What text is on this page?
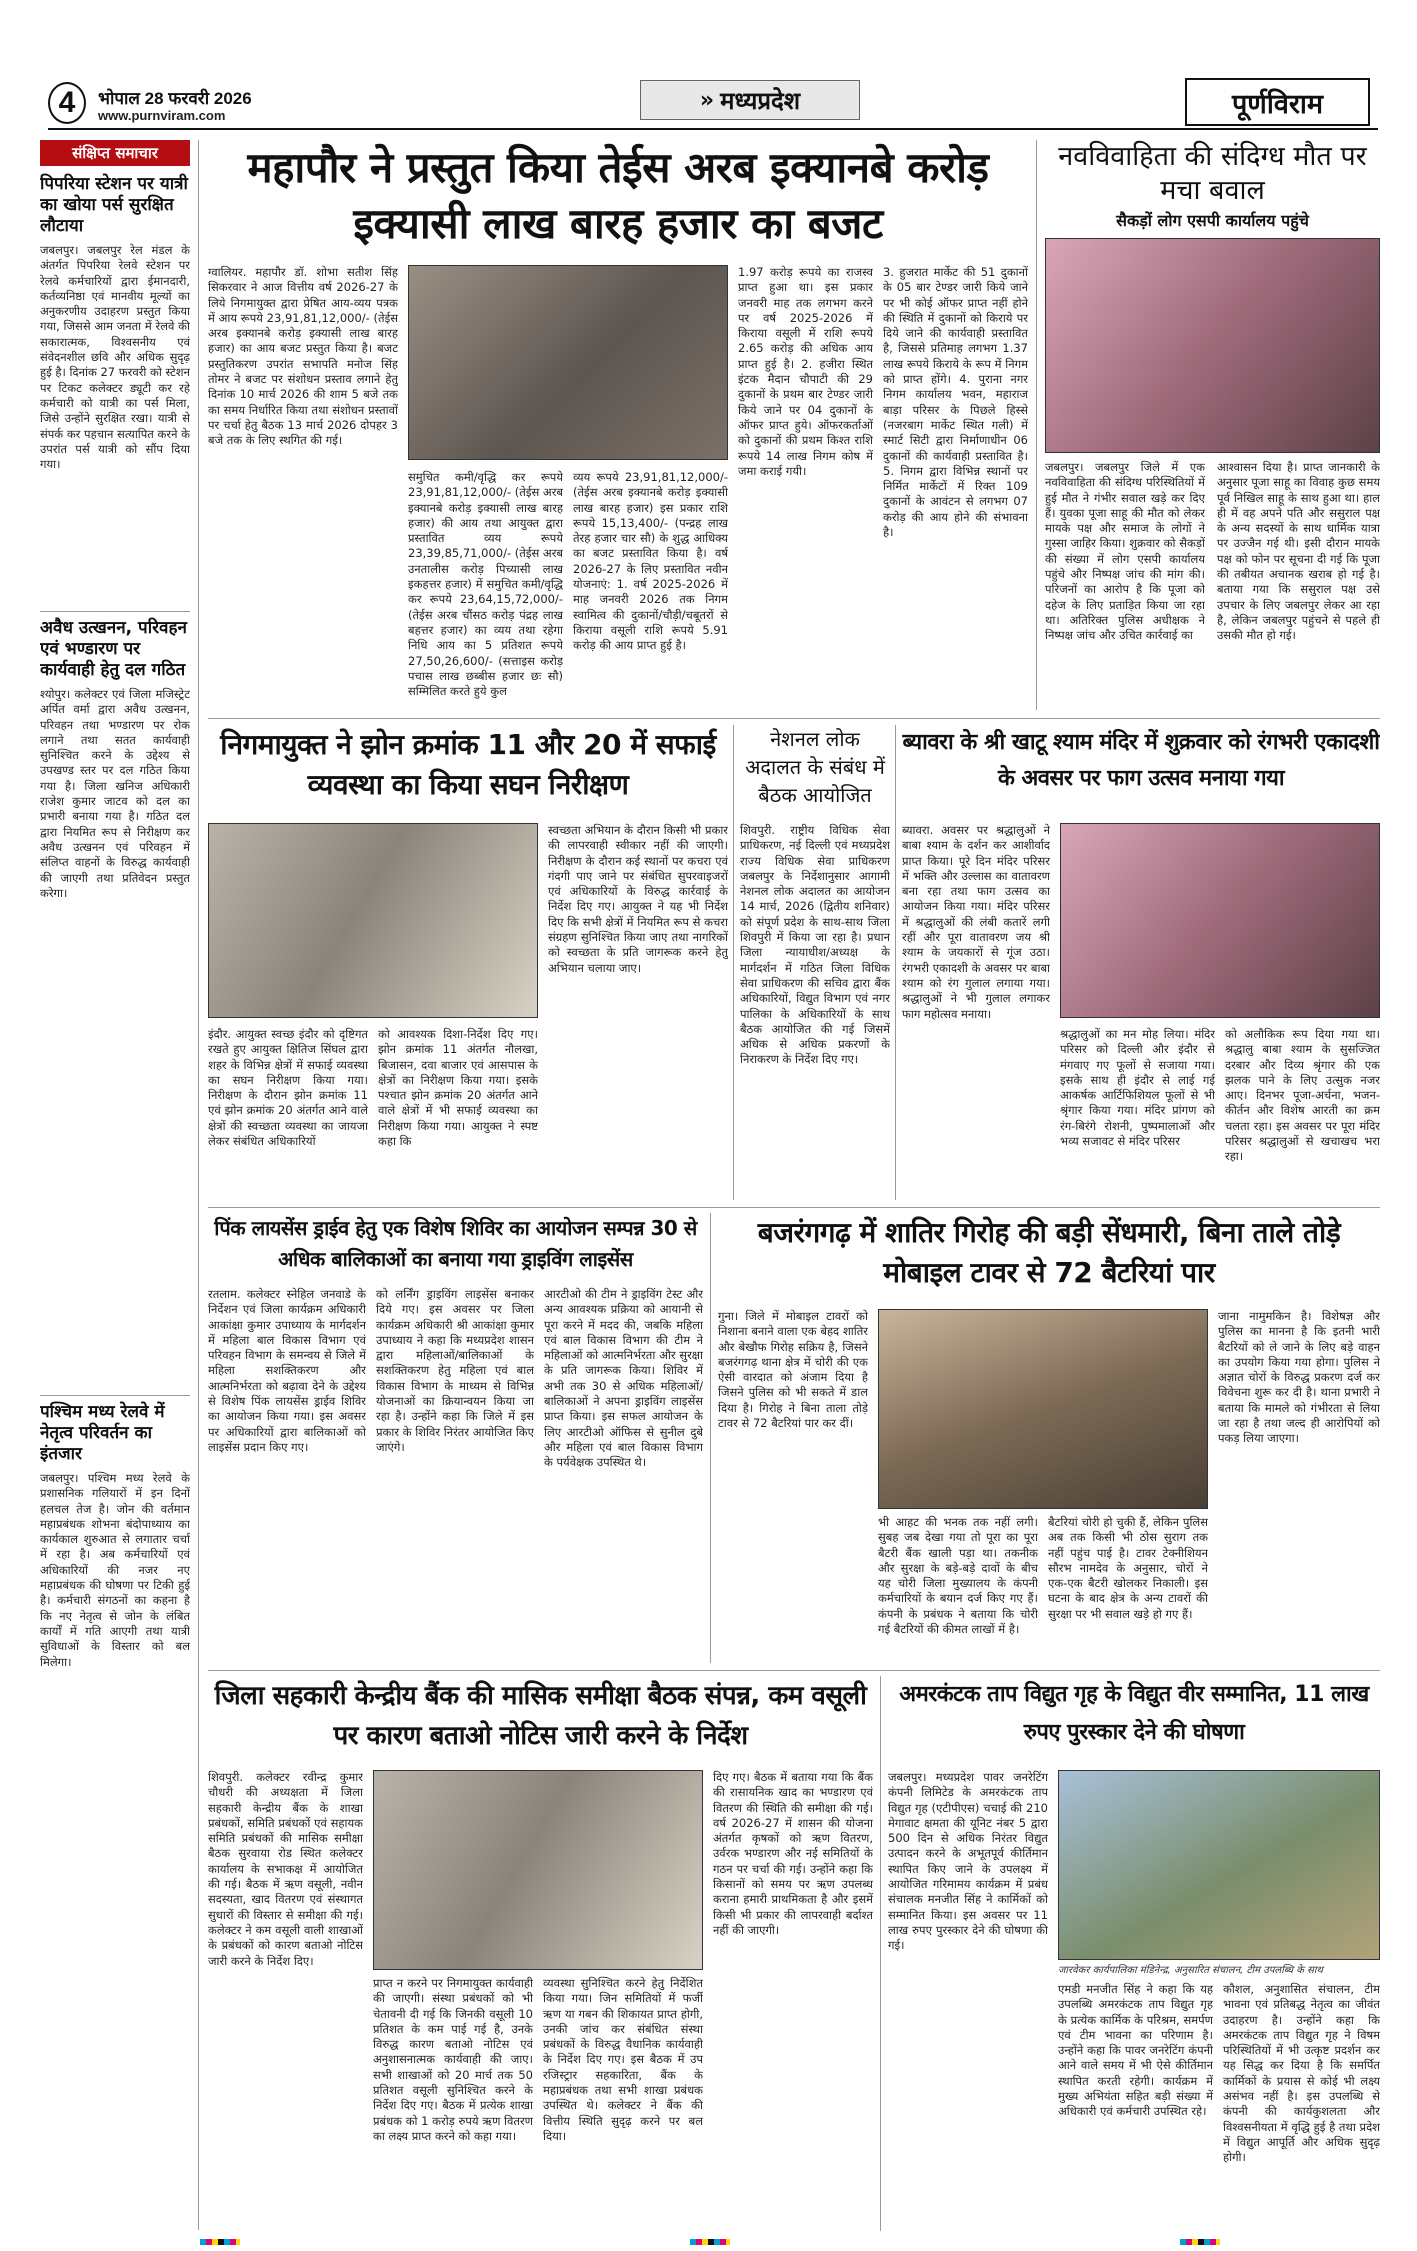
4	भोपाल 28 फरवरी 2026
www.purnviram.com
» मध्यप्रदेश	पूर्णविराम
संक्षिप्त समाचार
पिपरिया स्टेशन पर यात्री का खोया पर्स सुरक्षित लौटाया
जबलपुर। जबलपुर रेल मंडल के अंतर्गत पिपरिया रेलवे स्टेशन पर रेलवे कर्मचारियों द्वारा ईमानदारी, कर्तव्यनिष्ठा एवं मानवीय मूल्यों का अनुकरणीय उदाहरण प्रस्तुत किया गया, जिससे आम जनता में रेलवे की सकारात्मक, विश्वसनीय एवं संवेदनशील छवि और अधिक सुदृढ़ हुई है। दिनांक 27 फरवरी को स्टेशन पर टिकट कलेक्टर ड्यूटी कर रहे कर्मचारी को यात्री का पर्स मिला, जिसे उन्होंने सुरक्षित रखा। यात्री से संपर्क कर पहचान सत्यापित करने के उपरांत पर्स यात्री को सौंप दिया गया।
अवैध उत्खनन, परिवहन एवं भण्डारण पर कार्यवाही हेतु दल गठित
श्योपुर। कलेक्टर एवं जिला मजिस्ट्रेट अर्पित वर्मा द्वारा अवैध उत्खनन, परिवहन तथा भण्डारण पर रोक लगाने तथा सतत कार्यवाही सुनिश्चित करने के उद्देश्य से उपखण्ड स्तर पर दल गठित किया गया है। जिला खनिज अधिकारी राजेश कुमार जाटव को दल का प्रभारी बनाया गया है। गठित दल द्वारा नियमित रूप से निरीक्षण कर अवैध उत्खनन एवं परिवहन में संलिप्त वाहनों के विरुद्ध कार्यवाही की जाएगी तथा प्रतिवेदन प्रस्तुत करेगा।
पश्चिम मध्य रेलवे में नेतृत्व परिवर्तन का इंतजार
जबलपुर। पश्चिम मध्य रेलवे के प्रशासनिक गलियारों में इन दिनों हलचल तेज है। जोन की वर्तमान महाप्रबंधक शोभना बंदोपाध्याय का कार्यकाल शुरुआत से लगातार चर्चा में रहा है। अब कर्मचारियों एवं अधिकारियों की नजर नए महाप्रबंधक की घोषणा पर टिकी हुई है। कर्मचारी संगठनों का कहना है कि नए नेतृत्व से जोन के लंबित कार्यों में गति आएगी तथा यात्री सुविधाओं के विस्तार को बल मिलेगा।
महापौर ने प्रस्तुत किया तेईस अरब इक्यानबे करोड़ इक्यासी लाख बारह हजार का बजट
ग्वालियर. महापौर डॉ. शोभा सतीश सिंह सिकरवार ने आज वित्तीय वर्ष 2026-27 के लिये निगमायुक्त द्वारा प्रेषित आय-व्यय पत्रक में आय रूपये 23,91,81,12,000/- (तेईस अरब इक्यानबे करोड़ इक्यासी लाख बारह हजार) का आय बजट प्रस्तुत किया है। बजट प्रस्तुतिकरण उपरांत सभापति मनोज सिंह तोमर ने बजट पर संशोधन प्रस्ताव लगाने हेतु दिनांक 10 मार्च 2026 की शाम 5 बजे तक का समय निर्धारित किया तथा संशोधन प्रस्तावों पर चर्चा हेतु बैठक 13 मार्च 2026 दोपहर 3 बजे तक के लिए स्थगित की गई।
समुचित कमी/वृद्धि कर रूपये 23,91,81,12,000/- (तेईस अरब इक्यानबे करोड़ इक्यासी लाख बारह हजार) की आय तथा आयुक्त द्वारा प्रस्तावित व्यय रूपये 23,39,85,71,000/- (तेईस अरब उनतालीस करोड़ पिच्यासी लाख इकहत्तर हजार) में समुचित कमी/वृद्धि कर रूपये 23,64,15,72,000/- (तेईस अरब चौंसठ करोड़ पंद्रह लाख बहत्तर हजार) का व्यय तथा रहेगा निधि आय का 5 प्रतिशत रूपये 27,50,26,600/- (सत्ताइस करोड़ पचास लाख छब्बीस हजार छः सौ) सम्मिलित करते हुये कुल
व्यय रूपये 23,91,81,12,000/- (तेईस अरब इक्यानबे करोड़ इक्यासी लाख बारह हजार) इस प्रकार राशि रूपये 15,13,400/- (पन्द्रह लाख तेरह हजार चार सौ) के शुद्ध आधिक्य का बजट प्रस्तावित किया है। वर्ष 2026-27 के लिए प्रस्तावित नवीन योजनाएं: 1. वर्ष 2025-2026 में माह जनवरी 2026 तक निगम स्वामित्व की दुकानों/चौड़ी/चबूतरों से किराया वसूली राशि रूपये 5.91 करोड़ की आय प्राप्त हुई है।
1.97 करोड़ रूपये का राजस्व प्राप्त हुआ था। इस प्रकार जनवरी माह तक लगभग करने पर वर्ष 2025-2026 में किराया वसूली में राशि रूपये 2.65 करोड़ की अधिक आय प्राप्त हुई है। 2. हजीरा स्थित इंटक मैदान चौपाटी की 29 दुकानों के प्रथम बार टेण्डर जारी किये जाने पर 04 दुकानों के ऑफर प्राप्त हुये। ऑफरकर्ताओं को दुकानों की प्रथम किश्त राशि रूपये 14 लाख निगम कोष में जमा कराई गयी।
3. हुजरात मार्केट की 51 दुकानों के 05 बार टेण्डर जारी किये जाने पर भी कोई ऑफर प्राप्त नहीं होने की स्थिति में दुकानों को किराये पर दिये जाने की कार्यवाही प्रस्तावित है, जिससे प्रतिमाह लगभग 1.37 लाख रूपये किराये के रूप में निगम को प्राप्त होंगे। 4. पुराना नगर निगम कार्यालय भवन, महाराज बाड़ा परिसर के पिछले हिस्से (नजरबाग मार्केट स्थित गली) में स्मार्ट सिटी द्वारा निर्माणाधीन 06 दुकानों की कार्यवाही प्रस्तावित है। 5. निगम द्वारा विभिन्न स्थानों पर निर्मित मार्केटों में रिक्त 109 दुकानों के आवंटन से लगभग 07 करोड़ की आय होने की संभावना है।
नवविवाहिता की संदिग्ध मौत पर मचा बवाल
सैकड़ों लोग एसपी कार्यालय पहुंचे
जबलपुर। जबलपुर जिले में एक नवविवाहिता की संदिग्ध परिस्थितियों में हुई मौत ने गंभीर सवाल खड़े कर दिए हैं। युवका पूजा साहू की मौत को लेकर मायके पक्ष और समाज के लोगों ने गुस्सा जाहिर किया। शुक्रवार को सैकड़ों की संख्या में लोग एसपी कार्यालय पहुंचे और निष्पक्ष जांच की मांग की। परिजनों का आरोप है कि पूजा को दहेज के लिए प्रताड़ित किया जा रहा था। अतिरिक्त पुलिस अधीक्षक ने निष्पक्ष जांच और उचित कार्रवाई का
आश्वासन दिया है। प्राप्त जानकारी के अनुसार पूजा साहू का विवाह कुछ समय पूर्व निखिल साहू के साथ हुआ था। हाल ही में वह अपने पति और ससुराल पक्ष के अन्य सदस्यों के साथ धार्मिक यात्रा पर उज्जैन गई थी। इसी दौरान मायके पक्ष को फोन पर सूचना दी गई कि पूजा की तबीयत अचानक खराब हो गई है। बताया गया कि ससुराल पक्ष उसे उपचार के लिए जबलपुर लेकर आ रहा है, लेकिन जबलपुर पहुंचने से पहले ही उसकी मौत हो गई।
निगमायुक्त ने झोन क्रमांक 11 और 20 में सफाई व्यवस्था का किया सघन निरीक्षण
इंदौर. आयुक्त स्वच्छ इंदौर को दृष्टिगत रखते हुए आयुक्त क्षितिज सिंघल द्वारा शहर के विभिन्न क्षेत्रों में सफाई व्यवस्था का सघन निरीक्षण किया गया। निरीक्षण के दौरान झोन क्रमांक 11 एवं झोन क्रमांक 20 अंतर्गत आने वाले क्षेत्रों की स्वच्छता व्यवस्था का जायजा लेकर संबंधित अधिकारियों
को आवश्यक दिशा-निर्देश दिए गए। झोन क्रमांक 11 अंतर्गत नौलखा, बिजासन, दवा बाजार एवं आसपास के क्षेत्रों का निरीक्षण किया गया। इसके पश्चात झोन क्रमांक 20 अंतर्गत आने वाले क्षेत्रों में भी सफाई व्यवस्था का निरीक्षण किया गया। आयुक्त ने स्पष्ट कहा कि
स्वच्छता अभियान के दौरान किसी भी प्रकार की लापरवाही स्वीकार नहीं की जाएगी। निरीक्षण के दौरान कई स्थानों पर कचरा एवं गंदगी पाए जाने पर संबंधित सुपरवाइजरों एवं अधिकारियों के विरुद्ध कार्रवाई के निर्देश दिए गए। आयुक्त ने यह भी निर्देश दिए कि सभी क्षेत्रों में नियमित रूप से कचरा संग्रहण सुनिश्चित किया जाए तथा नागरिकों को स्वच्छता के प्रति जागरूक करने हेतु अभियान चलाया जाए।
नेशनल लोक अदालत के संबंध में बैठक आयोजित
शिवपुरी. राष्ट्रीय विधिक सेवा प्राधिकरण, नई दिल्ली एवं मध्यप्रदेश राज्य विधिक सेवा प्राधिकरण जबलपुर के निर्देशानुसार आगामी नेशनल लोक अदालत का आयोजन 14 मार्च, 2026 (द्वितीय शनिवार) को संपूर्ण प्रदेश के साथ-साथ जिला शिवपुरी में किया जा रहा है। प्रधान जिला न्यायाधीश/अध्यक्ष के मार्गदर्शन में गठित जिला विधिक सेवा प्राधिकरण की सचिव द्वारा बैंक अधिकारियों, विद्युत विभाग एवं नगर पालिका के अधिकारियों के साथ बैठक आयोजित की गई जिसमें अधिक से अधिक प्रकरणों के निराकरण के निर्देश दिए गए।
ब्यावरा के श्री खाटू श्याम मंदिर में शुक्रवार को रंगभरी एकादशी के अवसर पर फाग उत्सव मनाया गया
ब्यावरा. अवसर पर श्रद्धालुओं ने बाबा श्याम के दर्शन कर आशीर्वाद प्राप्त किया। पूरे दिन मंदिर परिसर में भक्ति और उल्लास का वातावरण बना रहा तथा फाग उत्सव का आयोजन किया गया। मंदिर परिसर में श्रद्धालुओं की लंबी कतारें लगी रहीं और पूरा वातावरण जय श्री श्याम के जयकारों से गूंज उठा। रंगभरी एकादशी के अवसर पर बाबा श्याम को रंग गुलाल लगाया गया। श्रद्धालुओं ने भी गुलाल लगाकर फाग महोत्सव मनाया।
श्रद्धालुओं का मन मोह लिया। मंदिर परिसर को दिल्ली और इंदौर से मंगवाए गए फूलों से सजाया गया। इसके साथ ही इंदौर से लाई गई आकर्षक आर्टिफिशियल फूलों से भी श्रृंगार किया गया। मंदिर प्रांगण को रंग-बिरंगे रोशनी, पुष्पमालाओं और भव्य सजावट से मंदिर परिसर
को अलौकिक रूप दिया गया था। श्रद्धालु बाबा श्याम के सुसज्जित दरबार और दिव्य श्रृंगार की एक झलक पाने के लिए उत्सुक नजर आए। दिनभर पूजा-अर्चना, भजन-कीर्तन और विशेष आरती का क्रम चलता रहा। इस अवसर पर पूरा मंदिर परिसर श्रद्धालुओं से खचाखच भरा रहा।
पिंक लायसेंस ड्राईव हेतु एक विशेष शिविर का आयोजन सम्पन्न 30 से अधिक बालिकाओं का बनाया गया ड्राइविंग लाइसेंस
रतलाम. कलेक्टर स्नेहिल जनवाडे के निर्देशन एवं जिला कार्यक्रम अधिकारी आकांक्षा कुमार उपाध्याय के मार्गदर्शन में महिला बाल विकास विभाग एवं परिवहन विभाग के समन्वय से जिले में महिला सशक्तिकरण और आत्मनिर्भरता को बढ़ावा देने के उद्देश्य से विशेष पिंक लायसेंस ड्राईव शिविर का आयोजन किया गया। इस अवसर पर अधिकारियों द्वारा बालिकाओं को लाइसेंस प्रदान किए गए।
को लर्निंग ड्राइविंग लाइसेंस बनाकर दिये गए। इस अवसर पर जिला कार्यक्रम अधिकारी श्री आकांक्षा कुमार उपाध्याय ने कहा कि मध्यप्रदेश शासन द्वारा महिलाओं/बालिकाओं के सशक्तिकरण हेतु महिला एवं बाल विकास विभाग के माध्यम से विभिन्न योजनाओं का क्रियान्वयन किया जा रहा है। उन्होंने कहा कि जिले में इस प्रकार के शिविर निरंतर आयोजित किए जाएंगे।
आरटीओ की टीम ने ड्राइविंग टेस्ट और अन्य आवश्यक प्रक्रिया को आयानी से पूरा करने में मदद की, जबकि महिला एवं बाल विकास विभाग की टीम ने महिलाओं को आत्मनिर्भरता और सुरक्षा के प्रति जागरूक किया। शिविर में अभी तक 30 से अधिक महिलाओं/बालिकाओं ने अपना ड्राइविंग लाइसेंस प्राप्त किया। इस सफल आयोजन के लिए आरटीओ ऑफिस से सुनील दुबे और महिला एवं बाल विकास विभाग के पर्यवेक्षक उपस्थित थे।
बजरंगगढ़ में शातिर गिरोह की बड़ी सेंधमारी, बिना ताले तोड़े मोबाइल टावर से 72 बैटरियां पार
गुना। जिले में मोबाइल टावरों को निशाना बनाने वाला एक बेहद शातिर और बेखौफ गिरोह सक्रिय है, जिसने बजरंगगढ़ थाना क्षेत्र में चोरी की एक ऐसी वारदात को अंजाम दिया है जिसने पुलिस को भी सकते में डाल दिया है। गिरोह ने बिना ताला तोड़े टावर से 72 बैटरियां पार कर दीं।
भी आहट की भनक तक नहीं लगी। सुबह जब देखा गया तो पूरा का पूरा बैटरी बैंक खाली पड़ा था। तकनीक और सुरक्षा के बड़े-बड़े दावों के बीच यह चोरी जिला मुख्यालय के कंपनी कर्मचारियों के बयान दर्ज किए गए हैं। कंपनी के प्रबंधक ने बताया कि चोरी गई बैटरियों की कीमत लाखों में है।
बैटरियां चोरी हो चुकी हैं, लेकिन पुलिस अब तक किसी भी ठोस सुराग तक नहीं पहुंच पाई है। टावर टेक्नीशियन सौरभ नामदेव के अनुसार, चोरों ने एक-एक बैटरी खोलकर निकाली। इस घटना के बाद क्षेत्र के अन्य टावरों की सुरक्षा पर भी सवाल खड़े हो गए हैं।
जाना नामुमकिन है। विशेषज्ञ और पुलिस का मानना है कि इतनी भारी बैटरियों को ले जाने के लिए बड़े वाहन का उपयोग किया गया होगा। पुलिस ने अज्ञात चोरों के विरुद्ध प्रकरण दर्ज कर विवेचना शुरू कर दी है। थाना प्रभारी ने बताया कि मामले को गंभीरता से लिया जा रहा है तथा जल्द ही आरोपियों को पकड़ लिया जाएगा।
जिला सहकारी केन्द्रीय बैंक की मासिक समीक्षा बैठक संपन्न, कम वसूली पर कारण बताओ नोटिस जारी करने के निर्देश
शिवपुरी. कलेक्टर रवीन्द्र कुमार चौधरी की अध्यक्षता में जिला सहकारी केन्द्रीय बैंक के शाखा प्रबंधकों, समिति प्रबंधकों एवं सहायक समिति प्रबंधकों की मासिक समीक्षा बैठक सुरवाया रोड स्थित कलेक्टर कार्यालय के सभाकक्ष में आयोजित की गई। बैठक में ऋण वसूली, नवीन सदस्यता, खाद वितरण एवं संस्थागत सुधारों की विस्तार से समीक्षा की गई। कलेक्टर ने कम वसूली वाली शाखाओं के प्रबंधकों को कारण बताओ नोटिस जारी करने के निर्देश दिए।
प्राप्त न करने पर निगमायुक्त कार्यवाही की जाएगी। संस्था प्रबंधकों को भी चेतावनी दी गई कि जिनकी वसूली 10 प्रतिशत के कम पाई गई है, उनके विरुद्ध कारण बताओ नोटिस एवं अनुशासनात्मक कार्यवाही की जाए। सभी शाखाओं को 20 मार्च तक 50 प्रतिशत वसूली सुनिश्चित करने के निर्देश दिए गए। बैठक में प्रत्येक शाखा प्रबंधक को 1 करोड़ रुपये ऋण वितरण का लक्ष्य प्राप्त करने को कहा गया।
व्यवस्था सुनिश्चित करने हेतु निर्देशित किया गया। जिन समितियों में फर्जी ऋण या गबन की शिकायत प्राप्त होगी, उनकी जांच कर संबंधित संस्था प्रबंधकों के विरुद्ध वैधानिक कार्यवाही के निर्देश दिए गए। इस बैठक में उप रजिस्ट्रार सहकारिता, बैंक के महाप्रबंधक तथा सभी शाखा प्रबंधक उपस्थित थे। कलेक्टर ने बैंक की वित्तीय स्थिति सुदृढ़ करने पर बल दिया।
दिए गए। बैठक में बताया गया कि बैंक की रासायनिक खाद का भण्डारण एवं वितरण की स्थिति की समीक्षा की गई। वर्ष 2026-27 में शासन की योजना अंतर्गत कृषकों को ऋण वितरण, उर्वरक भण्डारण और नई समितियों के गठन पर चर्चा की गई। उन्होंने कहा कि किसानों को समय पर ऋण उपलब्ध कराना हमारी प्राथमिकता है और इसमें किसी भी प्रकार की लापरवाही बर्दाश्त नहीं की जाएगी।
अमरकंटक ताप विद्युत गृह के विद्युत वीर सम्मानित, 11 लाख रुपए पुरस्कार देने की घोषणा
जबलपुर। मध्यप्रदेश पावर जनरेटिंग कंपनी लिमिटेड के अमरकंटक ताप विद्युत गृह (एटीपीएस) चचाई की 210 मेगावाट क्षमता की यूनिट नंबर 5 द्वारा 500 दिन से अधिक निरंतर विद्युत उत्पादन करने के अभूतपूर्व कीर्तिमान स्थापित किए जाने के उपलक्ष्य में आयोजित गरिमामय कार्यक्रम में प्रबंध संचालक मनजीत सिंह ने कार्मिकों को सम्मानित किया। इस अवसर पर 11 लाख रुपए पुरस्कार देने की घोषणा की गई।
जारवेकर कार्यपालिका मंडिनेन्द्र, अनुसारित संचालन, टीम उपलब्धि के साथ
एमडी मनजीत सिंह ने कहा कि यह उपलब्धि अमरकंटक ताप विद्युत गृह के प्रत्येक कार्मिक के परिश्रम, समर्पण एवं टीम भावना का परिणाम है। उन्होंने कहा कि पावर जनरेटिंग कंपनी आने वाले समय में भी ऐसे कीर्तिमान स्थापित करती रहेगी। कार्यक्रम में मुख्य अभियंता सहित बड़ी संख्या में अधिकारी एवं कर्मचारी उपस्थित रहे।
कौशल, अनुशासित संचालन, टीम भावना एवं प्रतिबद्ध नेतृत्व का जीवंत उदाहरण है। उन्होंने कहा कि अमरकंटक ताप विद्युत गृह ने विषम परिस्थितियों में भी उत्कृष्ट प्रदर्शन कर यह सिद्ध कर दिया है कि समर्पित कार्मिकों के प्रयास से कोई भी लक्ष्य असंभव नहीं है। इस उपलब्धि से कंपनी की कार्यकुशलता और विश्वसनीयता में वृद्धि हुई है तथा प्रदेश में विद्युत आपूर्ति और अधिक सुदृढ़ होगी।
